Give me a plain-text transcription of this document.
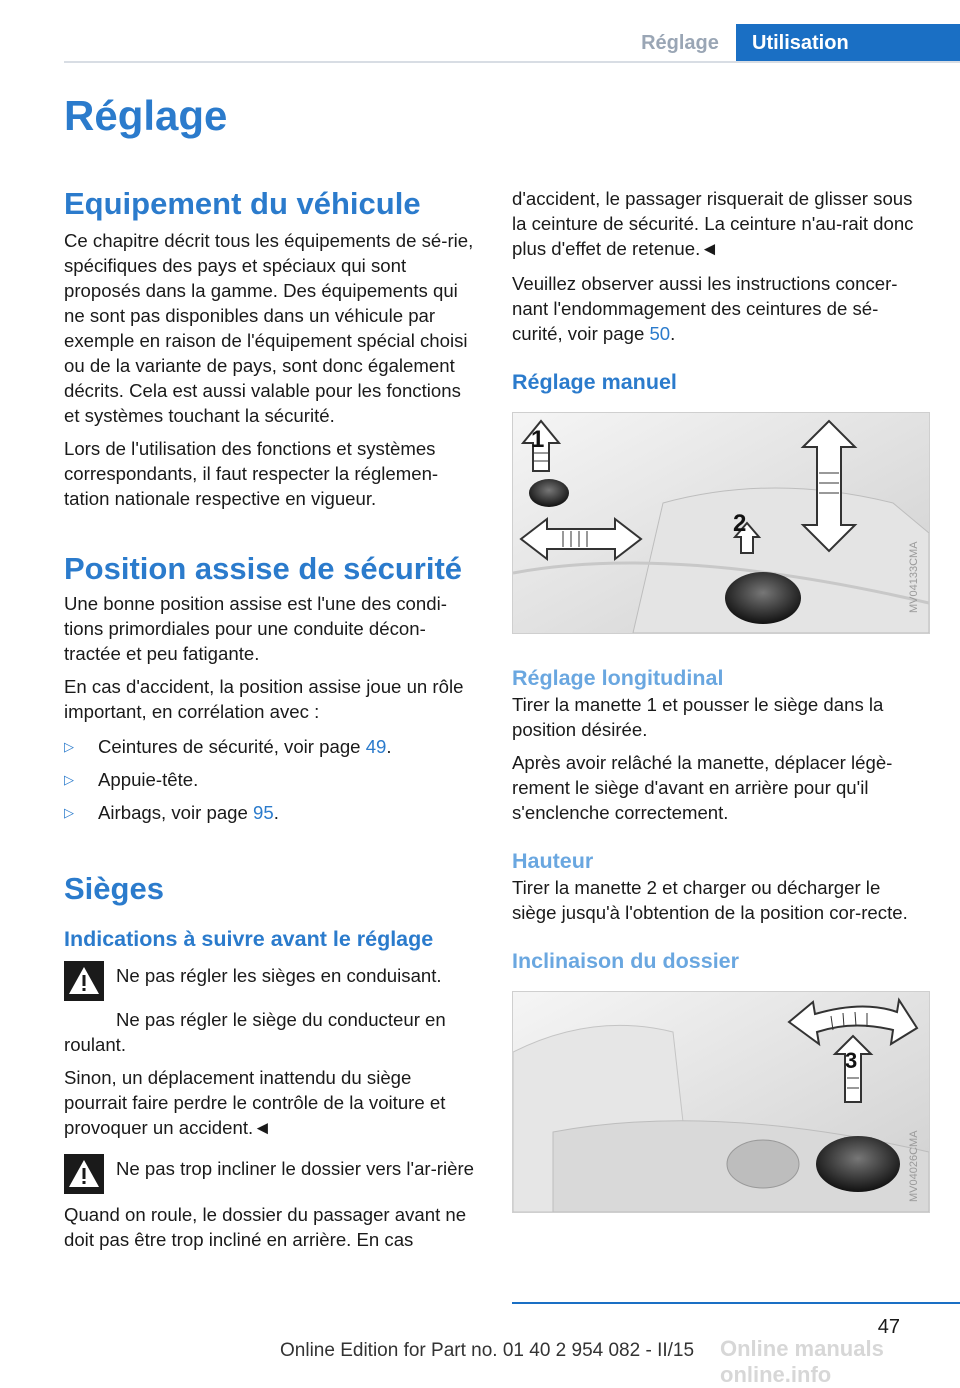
Réglage	Utilisation
Réglage
Equipement du véhicule

Ce chapitre décrit tous les équipements de sé‐rie, spécifiques des pays et spéciaux qui sont proposés dans la gamme. Des équipements qui ne sont pas disponibles dans un véhicule par exemple en raison de l'équipement spécial choisi ou de la variante de pays, sont donc également décrits. Cela est aussi valable pour les fonctions et systèmes touchant la sécurité.

Lors de l'utilisation des fonctions et systèmes correspondants, il faut respecter la réglemen‐tation nationale respective en vigueur.

Position assise de sécurité

Une bonne position assise est l'une des condi‐tions primordiales pour une conduite décon‐tractée et peu fatigante.

En cas d'accident, la position assise joue un rôle important, en corrélation avec :

▷	Ceintures de sécurité, voir page 49.
▷	Appuie-tête.
▷	Airbags, voir page 95.
Sièges
Indications à suivre avant le réglage

Ne pas régler les sièges en conduisant.

Ne pas régler le siège du conducteur en roulant.

Sinon, un déplacement inattendu du siège pourrait faire perdre le contrôle de la voiture et provoquer un accident.◄

Ne pas trop incliner le dossier vers l'ar‐rière

Quand on roule, le dossier du passager avant ne doit pas être trop incliné en arrière. En cas

d'accident, le passager risquerait de glisser sous la ceinture de sécurité. La ceinture n'au‐rait donc plus d'effet de retenue.◄

Veuillez observer aussi les instructions concer‐nant l'endommagement des ceintures de sé‐curité, voir page 50.

Réglage manuel
1
2
MV04133CMA
Réglage longitudinal

Tirer la manette 1 et pousser le siège dans la position désirée.

Après avoir relâché la manette, déplacer légè‐rement le siège d'avant en arrière pour qu'il s'enclenche correctement.

Hauteur

Tirer la manette 2 et charger ou décharger le siège jusqu'à l'obtention de la position cor‐recte.

Inclinaison du dossier
3
MV04026CMA
47
Online manuals online.info
Online Edition for Part no. 01 40 2 954 082 - II/15
